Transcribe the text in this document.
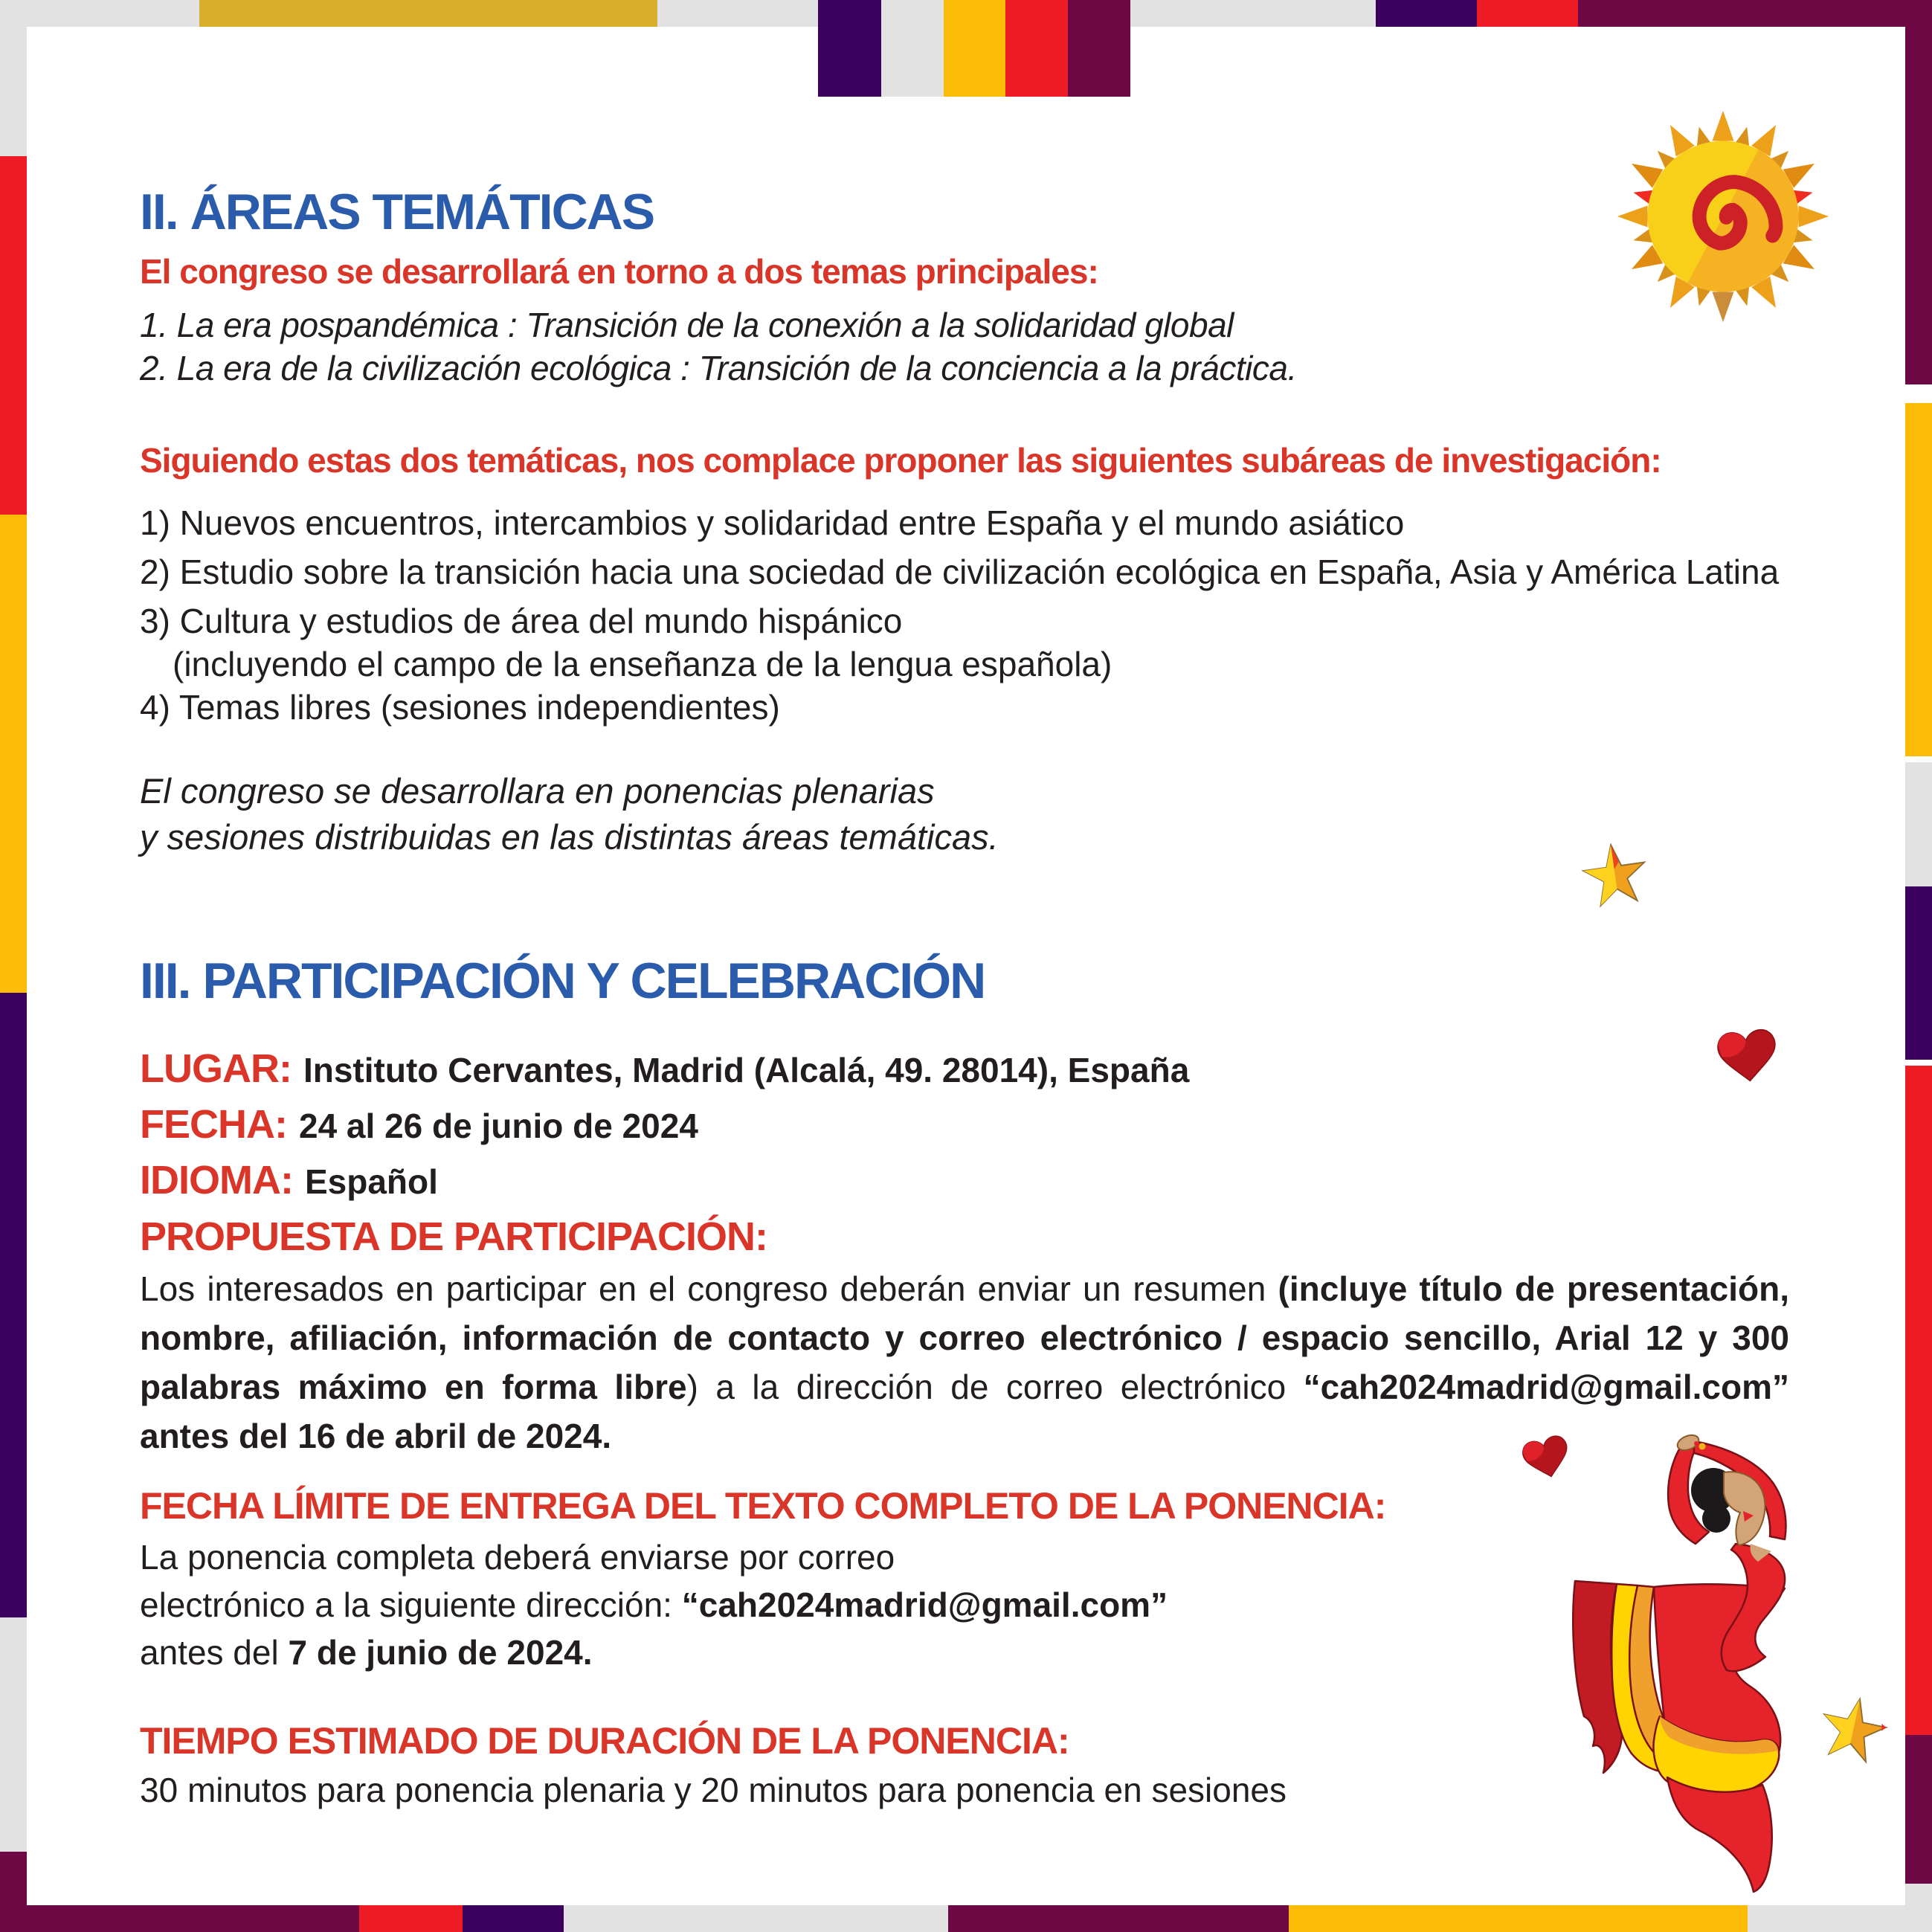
II. ÁREAS TEMÁTICAS
El congreso se desarrollará en torno a dos temas principales:
1. La era pospandémica : Transición de la conexión a la solidaridad global
2. La era de la civilización ecológica : Transición de la conciencia a la práctica.
Siguiendo estas dos temáticas, nos complace proponer las siguientes subáreas de investigación:
1) Nuevos encuentros, intercambios y solidaridad entre España y el mundo asiático
2) Estudio sobre la transición hacia una sociedad de civilización ecológica en España, Asia y América Latina
3) Cultura y estudios de área del mundo hispánico
(incluyendo el campo de la enseñanza de la lengua española)
4) Temas libres (sesiones independientes)
El congreso se desarrollara en ponencias plenarias
y sesiones distribuidas en las distintas áreas temáticas.
III. PARTICIPACIÓN Y CELEBRACIÓN
LUGAR: Instituto Cervantes, Madrid (Alcalá, 49. 28014), España
FECHA: 24 al 26 de junio de 2024
IDIOMA: Español
PROPUESTA DE PARTICIPACIÓN:
Los interesados en participar en el congreso deberán enviar un resumen (incluye título de presentación, nombre, afiliación, información de contacto y correo electrónico / espacio sencillo, Arial 12 y 300 palabras máximo en forma libre) a la dirección de correo electrónico “cah2024madrid@gmail.com” antes del 16 de abril de 2024.
FECHA LÍMITE DE ENTREGA DEL TEXTO COMPLETO DE LA PONENCIA:
La ponencia completa deberá enviarse por correo
electrónico a la siguiente dirección: “cah2024madrid@gmail.com”
antes del 7 de junio de 2024.
TIEMPO ESTIMADO DE DURACIÓN DE LA PONENCIA:
30 minutos para ponencia plenaria y 20 minutos para ponencia en sesiones
